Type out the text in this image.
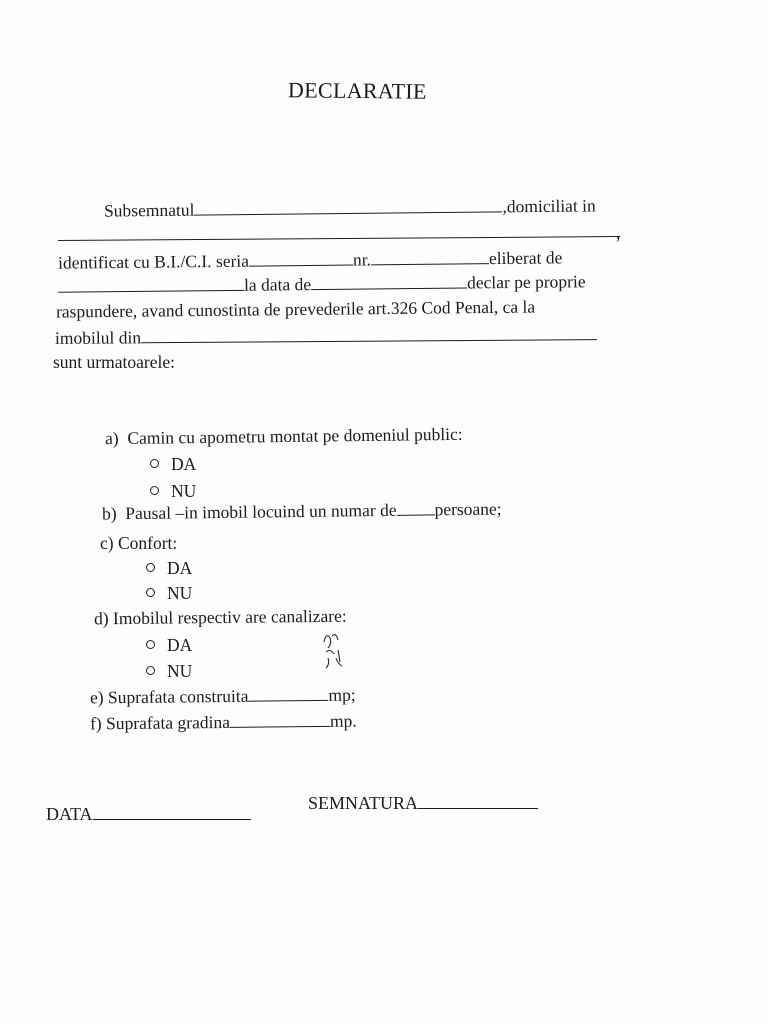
DECLARATIE
Subsemnatul	,domiciliat in
,
identificat cu B.I./C.I. seria	nr.	eliberat de
la data de	declar pe proprie
raspundere, avand cunostinta de prevederile art.326 Cod Penal, ca la
imobilul din
sunt urmatoarele:
a) Camin cu apometru montat pe domeniul public:
DA
NU
b) Pausal –in imobil locuind un numar de persoane;
c) Confort:
DA
NU
d) Imobilul respectiv are canalizare:
DA
NU
e) Suprafata construita	mp;
f) Suprafata gradina	mp.
DATA
SEMNATURA
